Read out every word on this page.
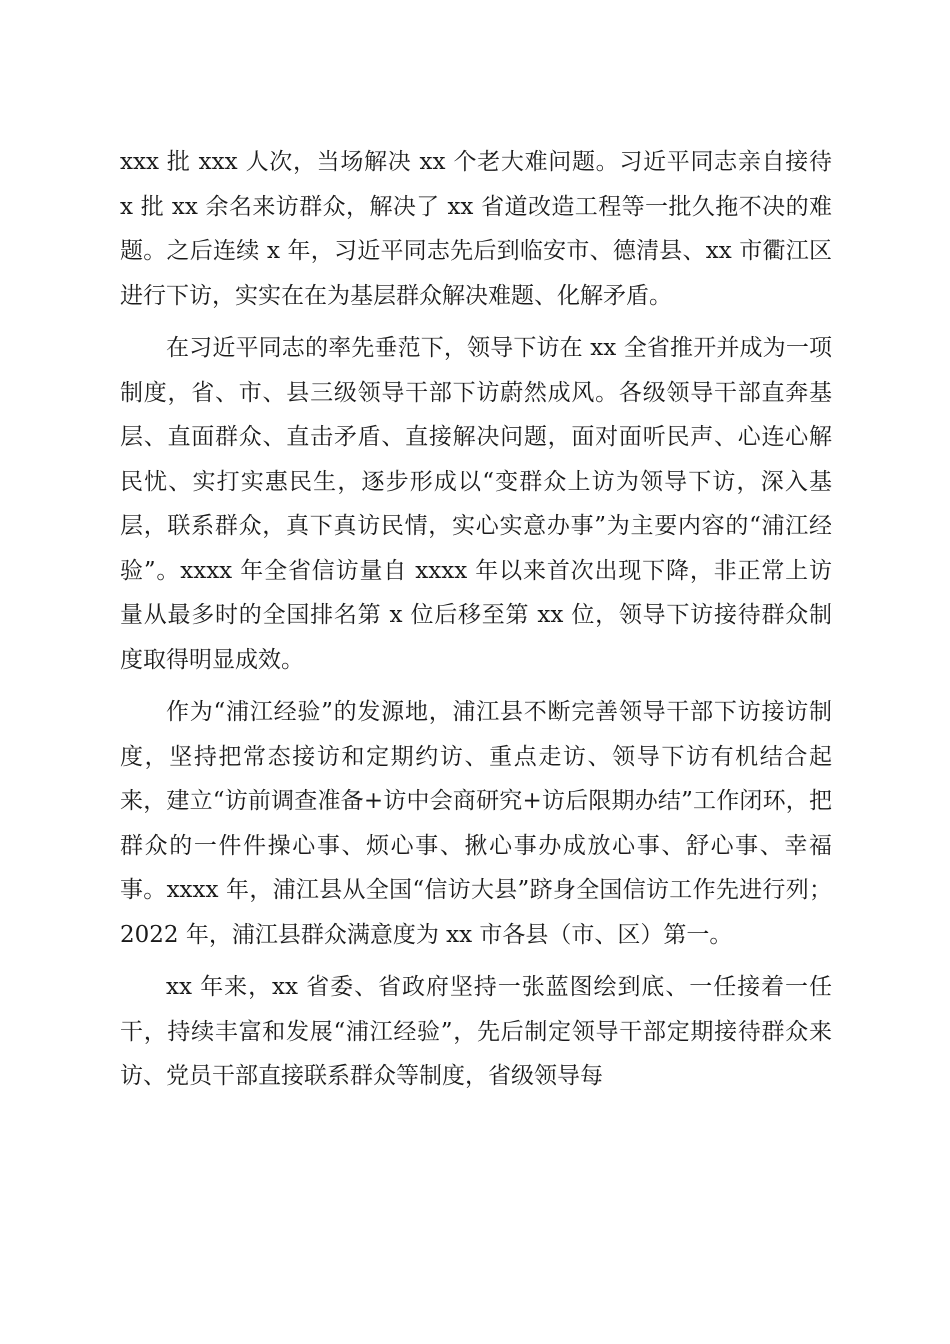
xxx 批 xxx 人次，当场解决 xx 个老大难问题。习近平同志亲自接待 x 批 xx 余名来访群众，解决了 xx 省道改造工程等一批久拖不决的难题。之后连续 x 年，习近平同志先后到临安市、德清县、xx 市衢江区进行下访，实实在在为基层群众解决难题、化解矛盾。

在习近平同志的率先垂范下，领导下访在 xx 全省推开并成为一项制度，省、市、县三级领导干部下访蔚然成风。各级领导干部直奔基层、直面群众、直击矛盾、直接解决问题，面对面听民声、心连心解民忧、实打实惠民生，逐步形成以“变群众上访为领导下访，深入基层，联系群众，真下真访民情，实心实意办事”为主要内容的“浦江经验”。xxxx 年全省信访量自 xxxx 年以来首次出现下降，非正常上访量从最多时的全国排名第 x 位后移至第 xx 位，领导下访接待群众制度取得明显成效。

作为“浦江经验”的发源地，浦江县不断完善领导干部下访接访制度，坚持把常态接访和定期约访、重点走访、领导下访有机结合起来，建立“访前调查准备+访中会商研究+访后限期办结”工作闭环，把群众的一件件操心事、烦心事、揪心事办成放心事、舒心事、幸福事。xxxx 年，浦江县从全国“信访大县”跻身全国信访工作先进行列；2022 年，浦江县群众满意度为 xx 市各县（市、区）第一。

xx 年来，xx 省委、省政府坚持一张蓝图绘到底、一任接着一任干，持续丰富和发展“浦江经验”，先后制定领导干部定期接待群众来访、党员干部直接联系群众等制度，省级领导每
